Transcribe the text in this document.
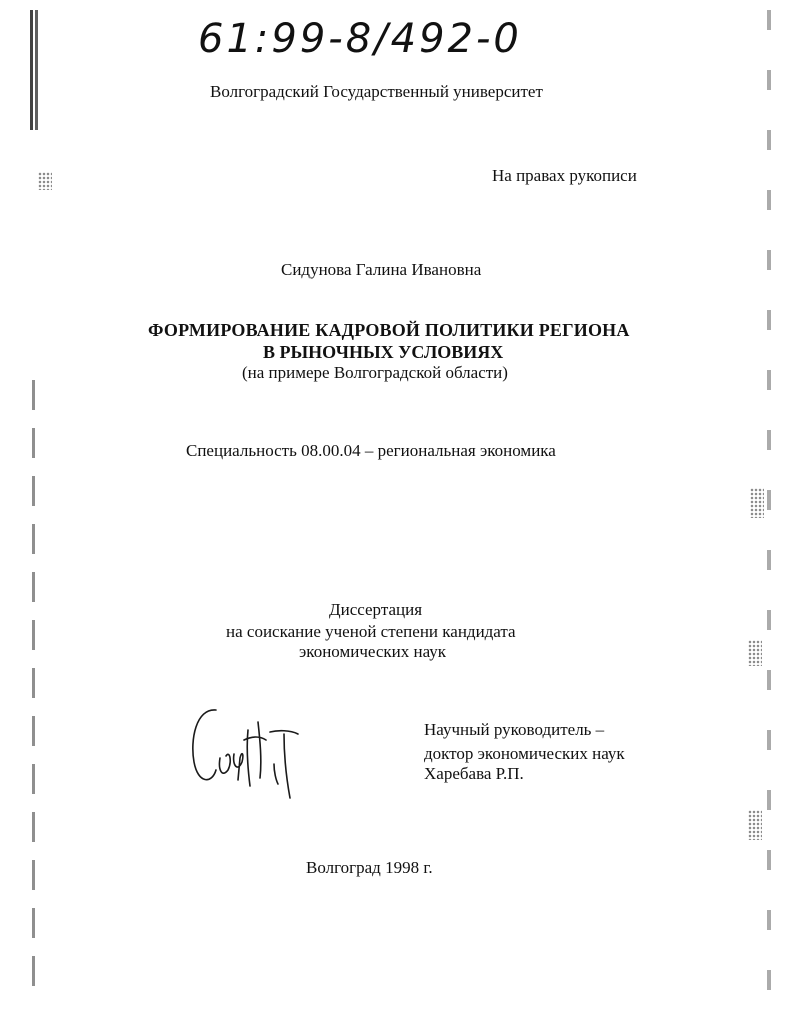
61:99-8/492-0
Волгоградский Государственный университет
На правах рукописи
Сидунова Галина Ивановна
ФОРМИРОВАНИЕ КАДРОВОЙ ПОЛИТИКИ РЕГИОНА
В РЫНОЧНЫХ УСЛОВИЯХ
(на примере Волгоградской области)
Специальность 08.00.04 – региональная экономика
Диссертация
на соискание ученой степени кандидата
экономических наук
Научный руководитель –
доктор экономических наук
Харебава Р.П.
Волгоград 1998 г.
